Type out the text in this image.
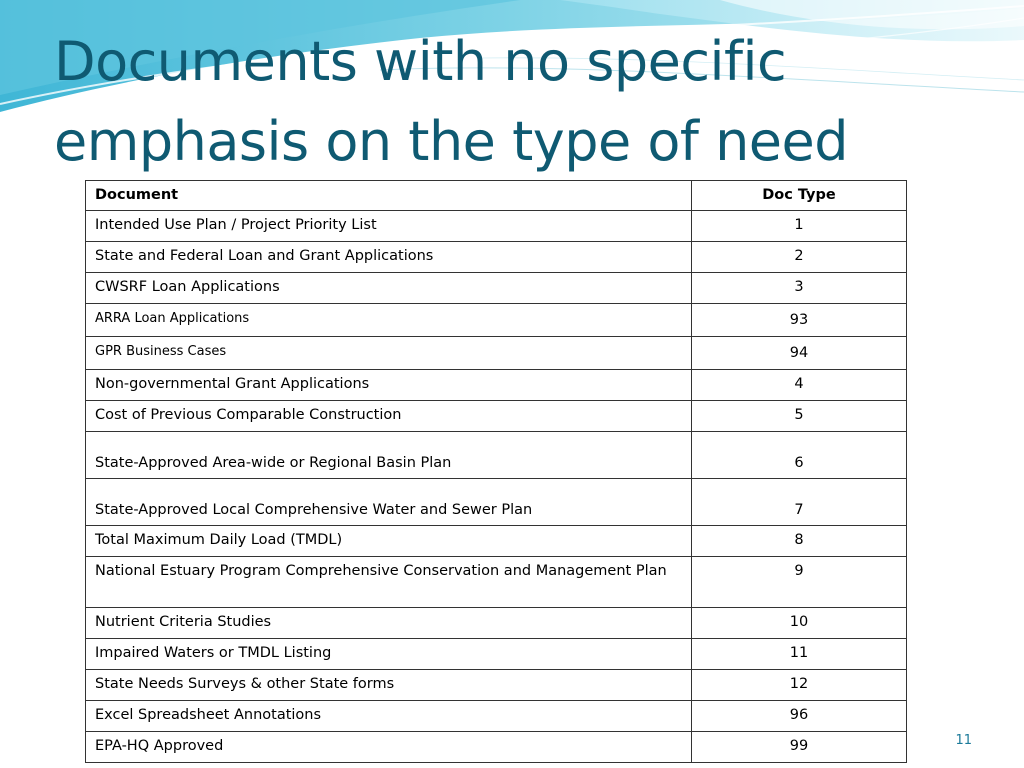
Documents with no specific emphasis on the type of need
Document	Doc Type
Intended Use Plan / Project Priority List	1
State and Federal Loan and Grant Applications	2
CWSRF Loan Applications	3
ARRA Loan Applications	93
GPR Business Cases	94
Non-governmental Grant Applications	4
Cost of Previous Comparable Construction	5
State-Approved Area-wide or Regional Basin Plan	6
State-Approved Local Comprehensive Water and Sewer Plan	7
Total Maximum Daily Load (TMDL)	8
National Estuary Program Comprehensive Conservation and Management Plan	9
Nutrient Criteria Studies	10
Impaired Waters or TMDL Listing	11
State Needs Surveys & other State forms	12
Excel Spreadsheet Annotations	96
EPA-HQ Approved	99	11
